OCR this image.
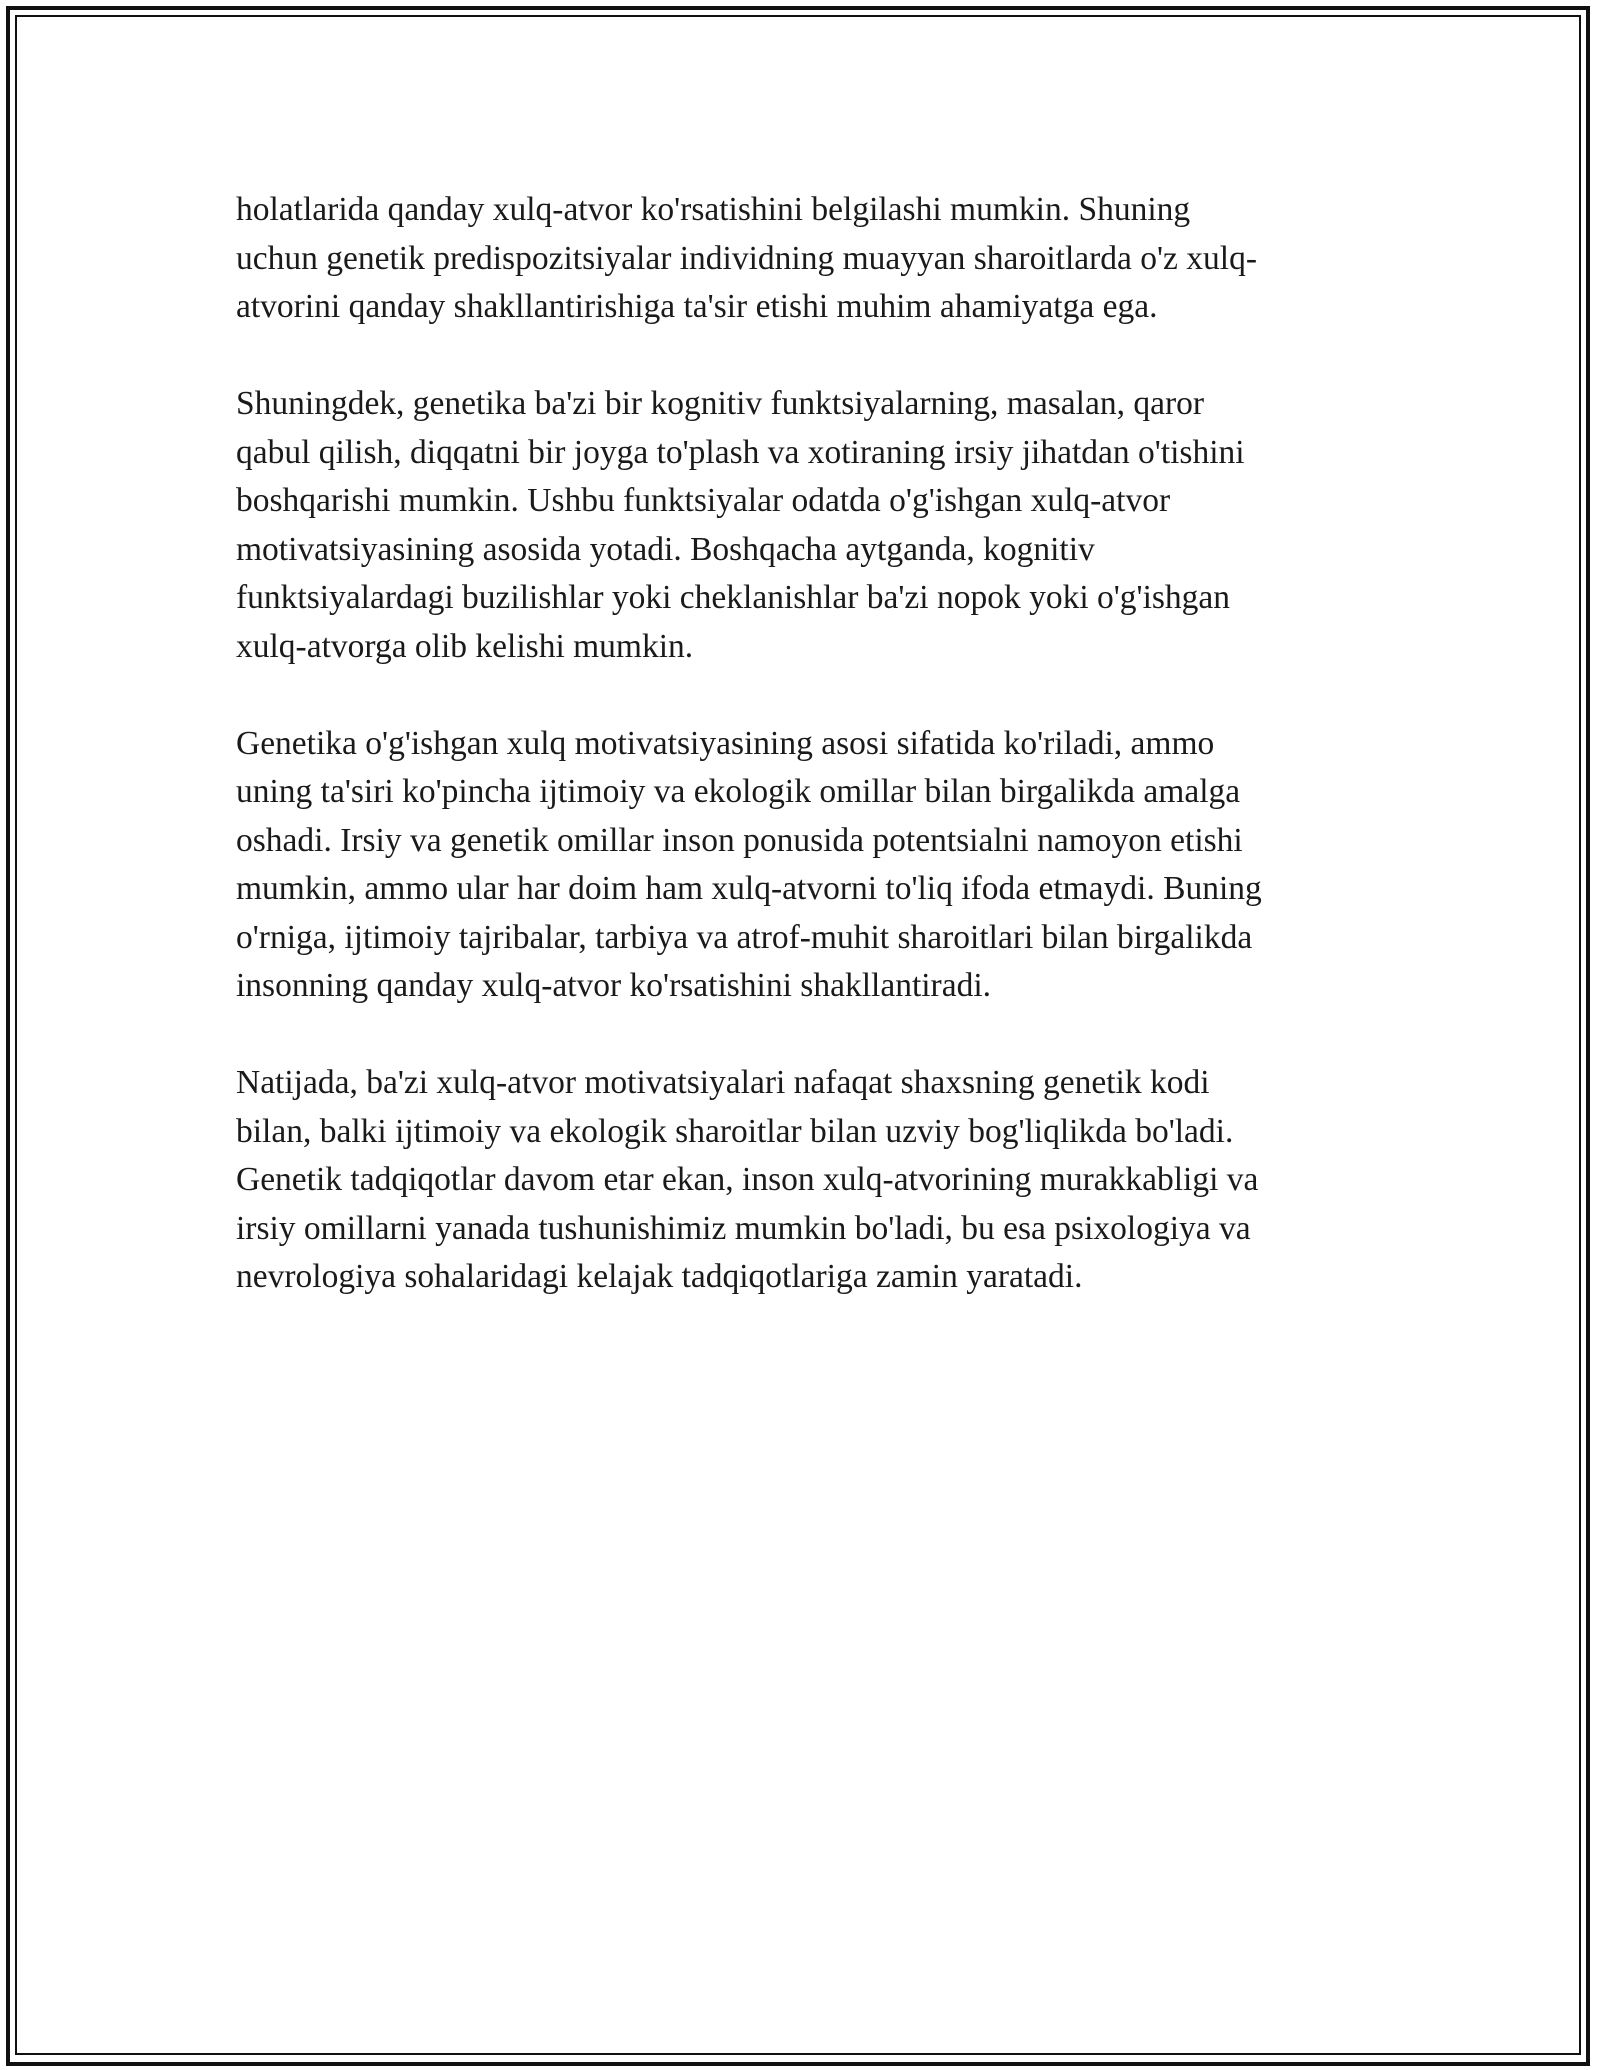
holatlarida qanday xulq-atvor ko'rsatishini belgilashi mumkin. Shuning
uchun genetik predispozitsiyalar individning muayyan sharoitlarda o'z xulq-
atvorini qanday shakllantirishiga ta'sir etishi muhim ahamiyatga ega.

Shuningdek, genetika ba'zi bir kognitiv funktsiyalarning, masalan, qaror
qabul qilish, diqqatni bir joyga to'plash va xotiraning irsiy jihatdan o'tishini
boshqarishi mumkin. Ushbu funktsiyalar odatda o'g'ishgan xulq-atvor
motivatsiyasining asosida yotadi. Boshqacha aytganda, kognitiv
funktsiyalardagi buzilishlar yoki cheklanishlar ba'zi nopok yoki o'g'ishgan
xulq-atvorga olib kelishi mumkin.

Genetika o'g'ishgan xulq motivatsiyasining asosi sifatida ko'riladi, ammo
uning ta'siri ko'pincha ijtimoiy va ekologik omillar bilan birgalikda amalga
oshadi. Irsiy va genetik omillar inson ponusida potentsialni namoyon etishi
mumkin, ammo ular har doim ham xulq-atvorni to'liq ifoda etmaydi. Buning
o'rniga, ijtimoiy tajribalar, tarbiya va atrof-muhit sharoitlari bilan birgalikda
insonning qanday xulq-atvor ko'rsatishini shakllantiradi.

Natijada, ba'zi xulq-atvor motivatsiyalari nafaqat shaxsning genetik kodi
bilan, balki ijtimoiy va ekologik sharoitlar bilan uzviy bog'liqlikda bo'ladi.
Genetik tadqiqotlar davom etar ekan, inson xulq-atvorining murakkabligi va
irsiy omillarni yanada tushunishimiz mumkin bo'ladi, bu esa psixologiya va
nevrologiya sohalaridagi kelajak tadqiqotlariga zamin yaratadi.
